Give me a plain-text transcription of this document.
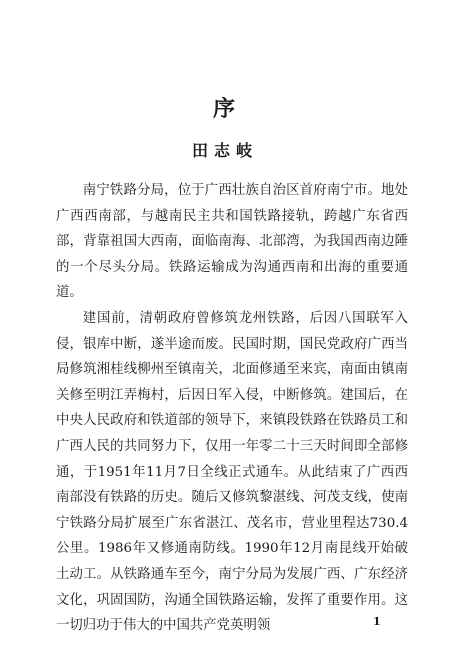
序
田志岐

南宁铁路分局，位于广西壮族自治区首府南宁市。地处广西西南部，与越南民主共和国铁路接轨，跨越广东省西部，背靠祖国大西南，面临南海、北部湾，为我国西南边陲的一个尽头分局。铁路运输成为沟通西南和出海的重要通道。

建国前，清朝政府曾修筑龙州铁路，后因八国联军入侵，银库中断，遂半途而废。民国时期，国民党政府广西当局修筑湘桂线柳州至镇南关，北面修通至来宾，南面由镇南关修至明江弄梅村，后因日军入侵，中断修筑。建国后，在中央人民政府和铁道部的领导下，来镇段铁路在铁路员工和广西人民的共同努力下，仅用一年零二十三天时间即全部修通，于1951年11月7日全线正式通车。从此结束了广西西南部没有铁路的历史。随后又修筑黎湛线、河茂支线，使南宁铁路分局扩展至广东省湛江、茂名市，营业里程达730.4公里。1986年又修通南防线。1990年12月南昆线开始破土动工。从铁路通车至今，南宁分局为发展广西、广东经济文化，巩固国防，沟通全国铁路运输，发挥了重要作用。这一切归功于伟大的中国共产党英明领	1
